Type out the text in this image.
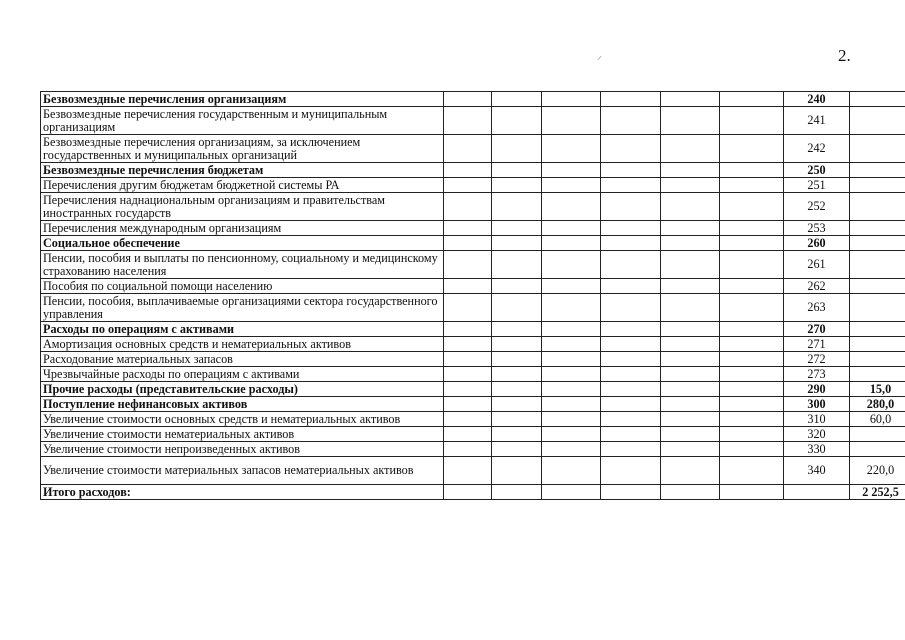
⸝	2.
Безвозмездные перечисления организациям							240	
Безвозмездные перечисления государственным и муниципальным организациям							241	
Безвозмездные перечисления организациям, за исключением государственных и муниципальных организаций							242	
Безвозмездные перечисления бюджетам							250	
Перечисления другим бюджетам бюджетной системы РА							251	
Перечисления наднациональным организациям и правительствам иностранных государств							252	
Перечисления международным организациям							253	
Социальное обеспечение							260	
Пенсии, пособия и выплаты по пенсионному, социальному и медицинскому страхованию населения							261	
Пособия по социальной помощи населению							262	
Пенсии, пособия, выплачиваемые организациями сектора государственного управления							263	
Расходы по операциям с активами							270	
Амортизация основных средств и нематериальных активов							271	
Расходование материальных запасов							272	
Чрезвычайные расходы по операциям с активами							273	
Прочие расходы (представительские расходы)							290	15,0
Поступление нефинансовых активов							300	280,0
Увеличение стоимости основных средств и нематериальных активов							310	60,0
Увеличение стоимости нематериальных активов							320	
Увеличение стоимости непроизведенных активов							330	
Увеличение стоимости материальных запасов нематериальных активов							340	220,0
Итого расходов:								2 252,5
